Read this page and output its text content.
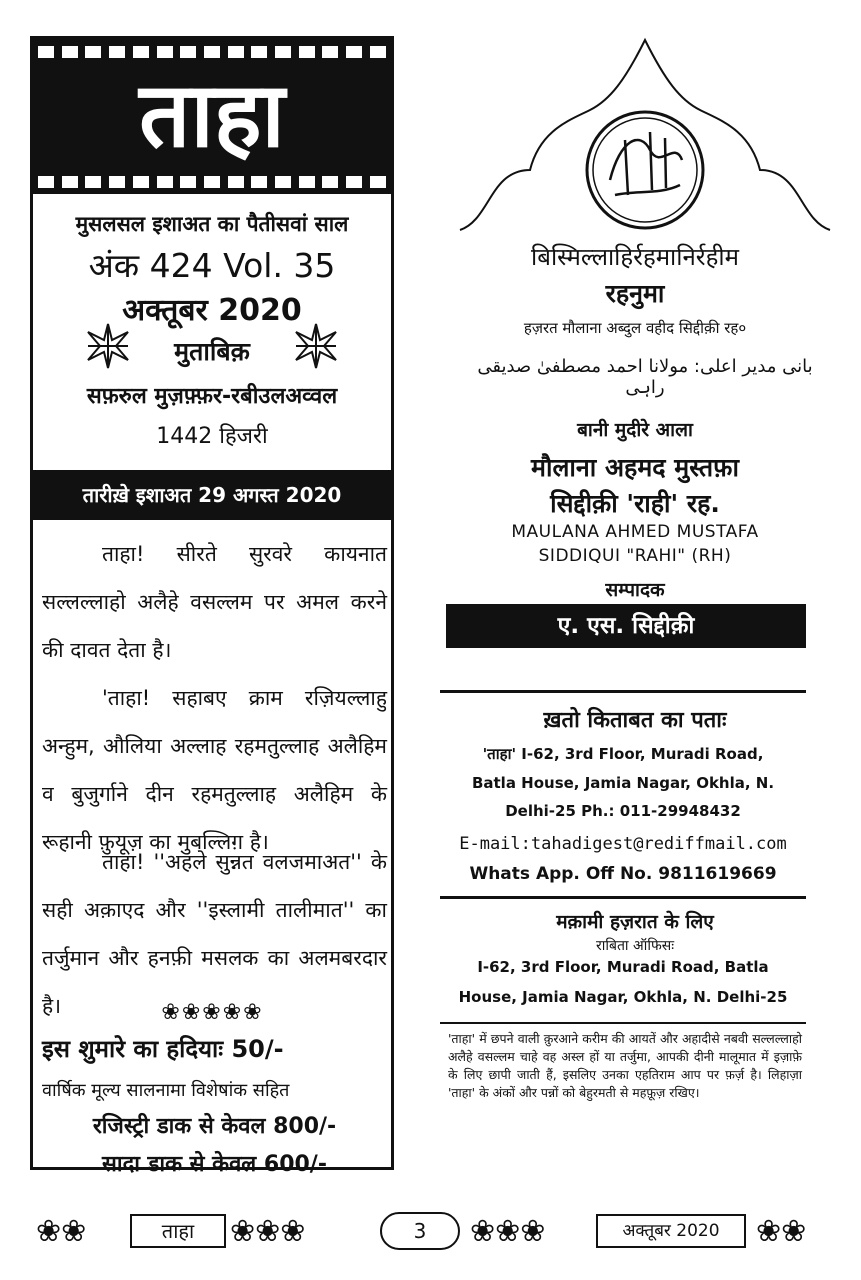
ताहा
मुसलसल इशाअत का पैतीसवां साल
अंक 424 Vol. 35
अक्तूबर 2020
मुताबिक़
सफ़रुल मुज़फ़्फ़र-रबीउलअव्वल
1442 हिजरी
तारीखे़ इशाअत 29 अगस्त 2020
ताहा! सीरते सुरवरे कायनात सल्लल्लाहो अलैहे वसल्लम पर अमल करने की दावत देता है।
'ताहा! सहाबए क्राम रज़ियल्लाहु अन्हुम, औलिया अल्लाह रहमतुल्लाह अलैहिम व बुजुर्गाने दीन रहमतुल्लाह अलैहिम के रूहानी फ़ुयूज़ का मुबल्लिग़ है।
ताहा! ''अहले सुन्नत वलजमाअत'' के सही अक़ाएद और ''इस्लामी तालीमात'' का तर्जुमान और हनफ़ी मसलक का अलमबरदार है।	❀❀❀❀❀
इस शुमारे का हदियाः 50/-
वार्षिक मूल्य सालनामा विशेषांक सहित
रजिस्ट्री डाक से केवल 800/-
सादा डाक से केवल 600/-
बिस्मिल्लाहिर्रहमानिर्रहीम
रहनुमा
हज़रत मौलाना अब्दुल वहीद सिद्दीक़ी रह०
بانی مدیر اعلی: مولانا احمد مصطفیٰ صدیقی راہی
बानी मुदीरे आला
मौलाना अहमद मुस्तफ़ा
सिद्दीक़ी 'राही' रह.
MAULANA AHMED MUSTAFA
SIDDIQUI "RAHI" (RH)
सम्पादक
ए. एस. सिद्दीक़ी
ख़तो किताबत का पताः
'ताहा' I-62, 3rd Floor, Muradi Road,
Batla House, Jamia Nagar, Okhla, N.
Delhi-25 Ph.: 011-29948432
E-mail:tahadigest@rediffmail.com
Whats App. Off No. 9811619669
मक़ामी हज़रात के लिए
राबिता ऑफिसः
I-62, 3rd Floor, Muradi Road, Batla
House, Jamia Nagar, Okhla, N. Delhi-25
'ताहा' में छपने वाली क़ुरआने करीम की आयतें और अहादीसे नबवी सल्लल्लाहो अलैहे वसल्लम चाहे वह अस्ल हों या तर्जुमा, आपकी दीनी मालूमात में इज़ाफ़े के लिए छापी जाती हैं, इसलिए उनका एहतिराम आप पर फ़र्ज़ है। लिहाज़ा 'ताहा' के अंकों और पन्नों को बेहुरमती से महफ़ूज़ रखिए।
❀❀	ताहा	❀❀❀	3	❀❀❀	अक्तूबर 2020	❀❀
